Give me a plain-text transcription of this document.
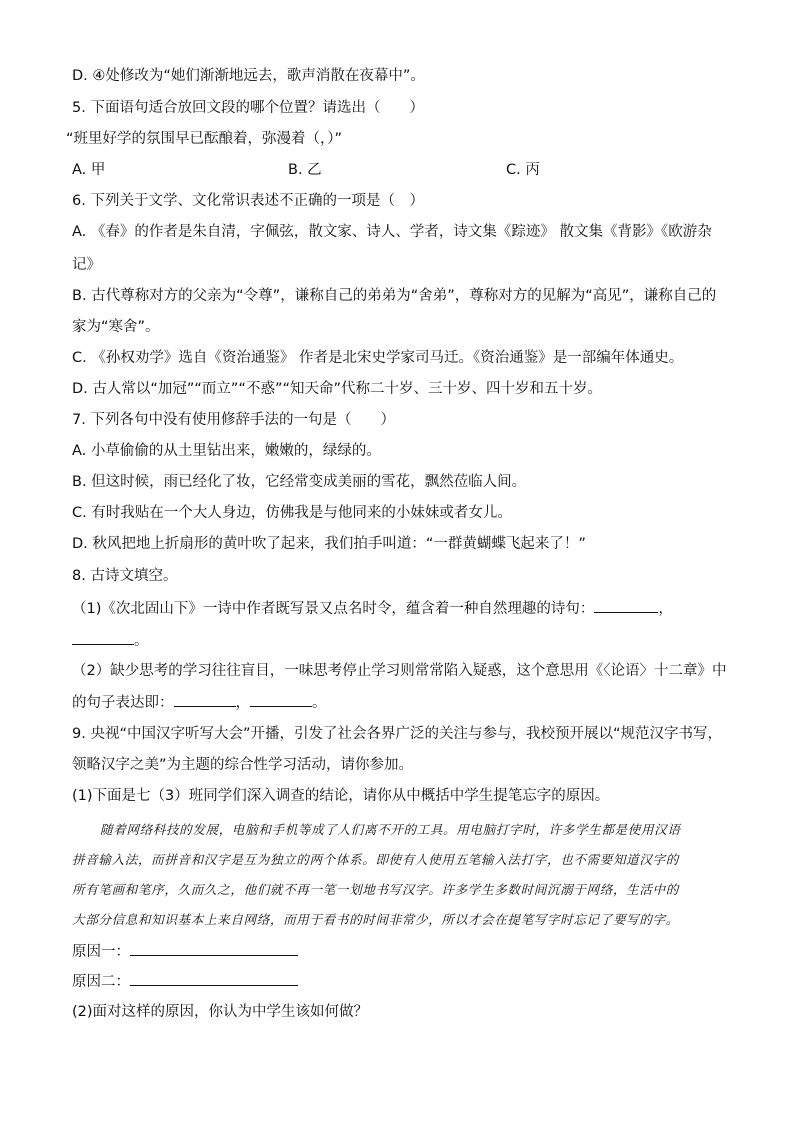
D. ④处修改为“她们渐渐地远去，歌声消散在夜幕中”。
5. 下面语句适合放回文段的哪个位置？请选出（　　）
“班里好学的氛围早已酝酿着，弥漫着（，）”
A. 甲	B. 乙	C. 丙
6. 下列关于文学、文化常识表述不正确的一项是（　）
A. 《春》的作者是朱自清，字佩弦，散文家、诗人、学者，诗文集《踪迹》 散文集《背影》《欧游杂
记》
B. 古代尊称对方的父亲为“令尊”，谦称自己的弟弟为“舍弟”，尊称对方的见解为“高见”，谦称自己的
家为“寒舍”。
C. 《孙权劝学》选自《资治通鉴》 作者是北宋史学家司马迁。《资治通鉴》是一部编年体通史。
D. 古人常以“加冠”“而立”“不惑”“知天命”代称二十岁、三十岁、四十岁和五十岁。
7. 下列各句中没有使用修辞手法的一句是（　　）
A. 小草偷偷的从土里钻出来，嫩嫩的，绿绿的。
B. 但这时候，雨已经化了妆，它经常变成美丽的雪花，飘然莅临人间。
C. 有时我贴在一个大人身边，仿佛我是与他同来的小妹妹或者女儿。
D. 秋风把地上折扇形的黄叶吹了起来，我们拍手叫道：“一群黄蝴蝶飞起来了！”
8. 古诗文填空。
（1)《次北固山下》一诗中作者既写景又点名时令，蕴含着一种自然理趣的诗句：	，
。
（2）缺少思考的学习往往盲目，一味思考停止学习则常常陷入疑惑，这个意思用《〈论语〉十二章》中
的句子表达即：	，	。
9. 央视“中国汉字听写大会”开播，引发了社会各界广泛的关注与参与，我校预开展以“规范汉字书写，
领略汉字之美”为主题的综合性学习活动，请你参加。
(1)下面是七（3）班同学们深入调查的结论，请你从中概括中学生提笔忘字的原因。
随着网络科技的发展，电脑和手机等成了人们离不开的工具。用电脑打字时，许多学生都是使用汉语
拼音输入法，而拼音和汉字是互为独立的两个体系。即使有人使用五笔输入法打字，也不需要知道汉字的
所有笔画和笔序，久而久之，他们就不再一笔一划地书写汉字。许多学生多数时间沉溺于网络，生活中的
大部分信息和知识基本上来自网络，而用于看书的时间非常少，所以才会在提笔写字时忘记了要写的字。
原因一：
原因二：
(2)面对这样的原因，你认为中学生该如何做？
